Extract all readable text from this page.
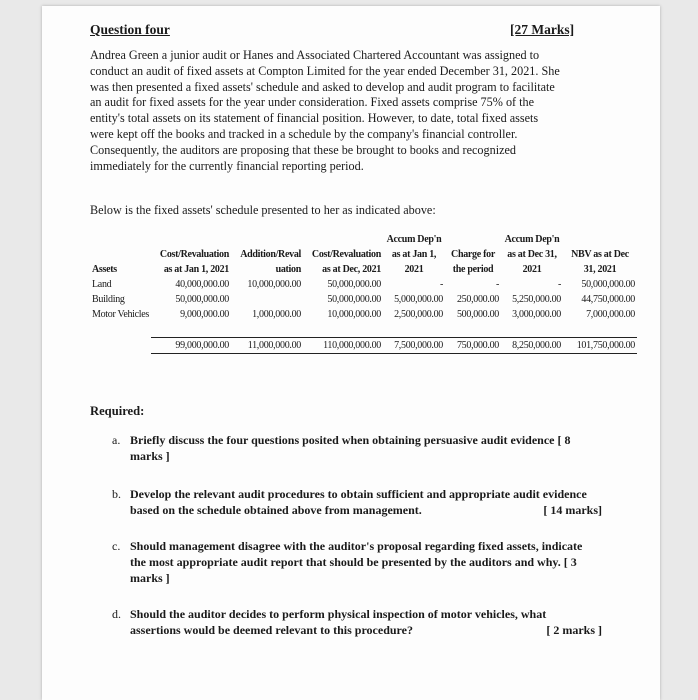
Question four	[27 Marks]
Andrea Green a junior audit or Hanes and Associated Chartered Accountant was assigned to
conduct an audit of fixed assets at Compton Limited for the year ended December 31, 2021. She
was then presented a fixed assets' schedule and asked to develop and audit program to facilitate
an audit for fixed assets for the year under consideration. Fixed assets comprise 75% of the
entity's total assets on its statement of financial position. However, to date, total fixed assets
were kept off the books and tracked in a schedule by the company's financial controller.
Consequently, the auditors are proposing that these be brought to books and recognized
immediately for the currently financial reporting period.
Below is the fixed assets' schedule presented to her as indicated above:
				Accum Dep'n		Accum Dep'n	
	Cost/Revaluation	Addition/Reval	Cost/Revaluation	as at Jan 1,	Charge for	as at Dec 31,	NBV as at Dec
Assets	as at Jan 1, 2021	uation	as at Dec, 2021	2021	the period	2021	31, 2021
Land	40,000,000.00	10,000,000.00	50,000,000.00	-	-	-	50,000,000.00
Building	50,000,000.00		50,000,000.00	5,000,000.00	250,000.00	5,250,000.00	44,750,000.00
Motor Vehicles	9,000,000.00	1,000,000.00	10,000,000.00	2,500,000.00	500,000.00	3,000,000.00	7,000,000.00

	99,000,000.00	11,000,000.00	110,000,000.00	7,500,000.00	750,000.00	8,250,000.00	101,750,000.00
Required:
a. Briefly discuss the four questions posited when obtaining persuasive audit evidence [ 8
marks ]
b. Develop the relevant audit procedures to obtain sufficient and appropriate audit evidence
based on the schedule obtained above from management.	[ 14 marks]
c. Should management disagree with the auditor's proposal regarding fixed assets, indicate
the most appropriate audit report that should be presented by the auditors and why. [ 3
marks ]
d. Should the auditor decides to perform physical inspection of motor vehicles, what
assertions would be deemed relevant to this procedure?	[ 2 marks ]
